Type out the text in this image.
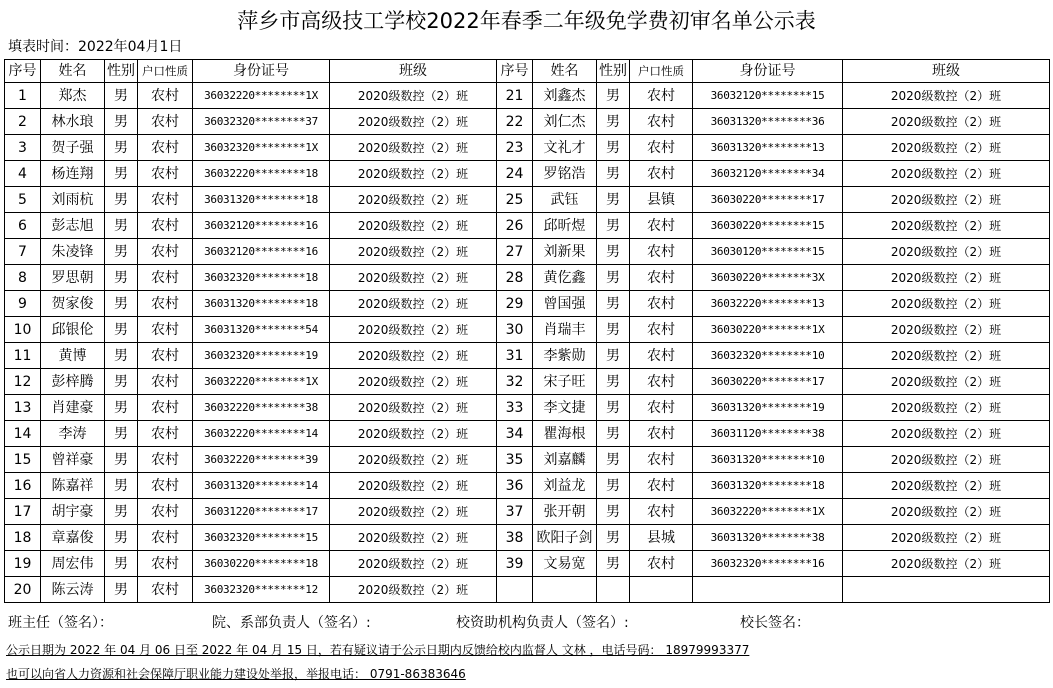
萍乡市高级技工学校2022年春季二年级免学费初审名单公示表
填表时间：2022年04月1日
序号	姓名	性别	户口性质	身份证号	班级	序号	姓名	性别	户口性质	身份证号	班级
1	郑杰	男	农村	36032220********1X	2020级数控（2）班	21	刘鑫杰	男	农村	36032120********15	2020级数控（2）班
2	林水琅	男	农村	36032320********37	2020级数控（2）班	22	刘仁杰	男	农村	36031320********36	2020级数控（2）班
3	贺子强	男	农村	36032320********1X	2020级数控（2）班	23	文礼才	男	农村	36031320********13	2020级数控（2）班
4	杨连翔	男	农村	36032220********18	2020级数控（2）班	24	罗铭浩	男	农村	36032120********34	2020级数控（2）班
5	刘雨杭	男	农村	36031320********18	2020级数控（2）班	25	武钰	男	县镇	36030220********17	2020级数控（2）班
6	彭志旭	男	农村	36032120********16	2020级数控（2）班	26	邱昕煜	男	农村	36030220********15	2020级数控（2）班
7	朱凌锋	男	农村	36032120********16	2020级数控（2）班	27	刘新果	男	农村	36030120********15	2020级数控（2）班
8	罗思朝	男	农村	36032320********18	2020级数控（2）班	28	黄仡鑫	男	农村	36030220********3X	2020级数控（2）班
9	贺家俊	男	农村	36031320********18	2020级数控（2）班	29	曾国强	男	农村	36032220********13	2020级数控（2）班
10	邱银伦	男	农村	36031320********54	2020级数控（2）班	30	肖瑞丰	男	农村	36030220********1X	2020级数控（2）班
11	黄博	男	农村	36032320********19	2020级数控（2）班	31	李紫勋	男	农村	36032320********10	2020级数控（2）班
12	彭梓腾	男	农村	36032220********1X	2020级数控（2）班	32	宋子旺	男	农村	36030220********17	2020级数控（2）班
13	肖建豪	男	农村	36032220********38	2020级数控（2）班	33	李文捷	男	农村	36031320********19	2020级数控（2）班
14	李涛	男	农村	36032220********14	2020级数控（2）班	34	瞿海根	男	农村	36031120********38	2020级数控（2）班
15	曾祥豪	男	农村	36032220********39	2020级数控（2）班	35	刘嘉麟	男	农村	36031320********10	2020级数控（2）班
16	陈嘉祥	男	农村	36031320********14	2020级数控（2）班	36	刘益龙	男	农村	36031320********18	2020级数控（2）班
17	胡宇豪	男	农村	36031220********17	2020级数控（2）班	37	张开朝	男	农村	36032220********1X	2020级数控（2）班
18	章嘉俊	男	农村	36032320********15	2020级数控（2）班	38	欧阳子剑	男	县城	36031320********38	2020级数控（2）班
19	周宏伟	男	农村	36030220********18	2020级数控（2）班	39	文易宽	男	农村	36032320********16	2020级数控（2）班
20	陈云涛	男	农村	36032320********12	2020级数控（2）班						
班主任（签名）：	院、系部负责人（签名）:	校资助机构负责人（签名）:	校长签名：
公示日期为 2022 年 04 月 06 日至 2022 年 04 月 15 日，若有疑议请于公示日期内反馈给校内监督人 文林 ，电话号码： 18979993377
也可以向省人力资源和社会保障厅职业能力建设处举报，举报电话： 0791-86383646
